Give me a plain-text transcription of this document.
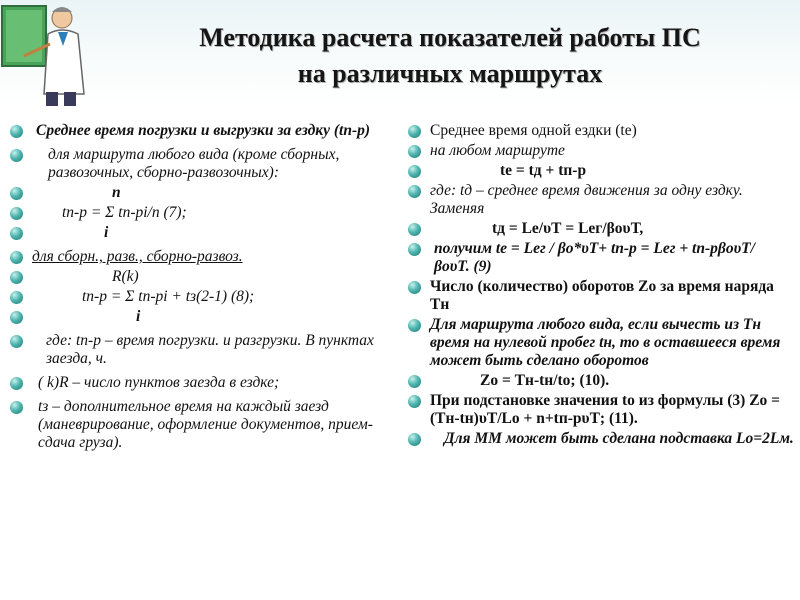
Методика расчета показателей работы ПС
на различных маршрутах
Среднее время погрузки и выгрузки за ездку (tп-р)
для маршрута любого вида (кроме сборных, развозочных, сборно-развозочных):
n
tп-р = Σ tп-рi/n (7);
i
для сборн., разв., сборно-развоз.
R(k)
tп-р = Σ tп-рi + tз(2-1) (8);
i
где: tп-р – время погрузки. и разгрузки. В пунктах заезда, ч.
( k)R – число пунктов заезда в ездке;
tз – дополнительное время на каждый заезд (маневрирование, оформление документов, прием-сдача груза).
Среднее время одной ездки (tе)
на любом маршруте
tе = tд + tп-р
где: tд – среднее время движения за одну ездку. Заменяя
tд = Lе/υТ = Lег/βоυТ,
получим tе = Lег / βо*υТ+ tп-р = Lег + tп-рβоυТ/ βоυТ. (9)
Число (количество) оборотов Zо за время наряда Тн
Для маршрута любого вида, если вычесть из Тн время на нулевой пробег tн, то в оставшееся время может быть сделано оборотов
Zо = Тн-tн/tо; (10).
При подстановке значения tо из формулы (3) Zо = (Тн-tн)υТ/Lо + n+tп-рυТ; (11).
Для ММ может быть сделана подставка Lо=2Lм.
